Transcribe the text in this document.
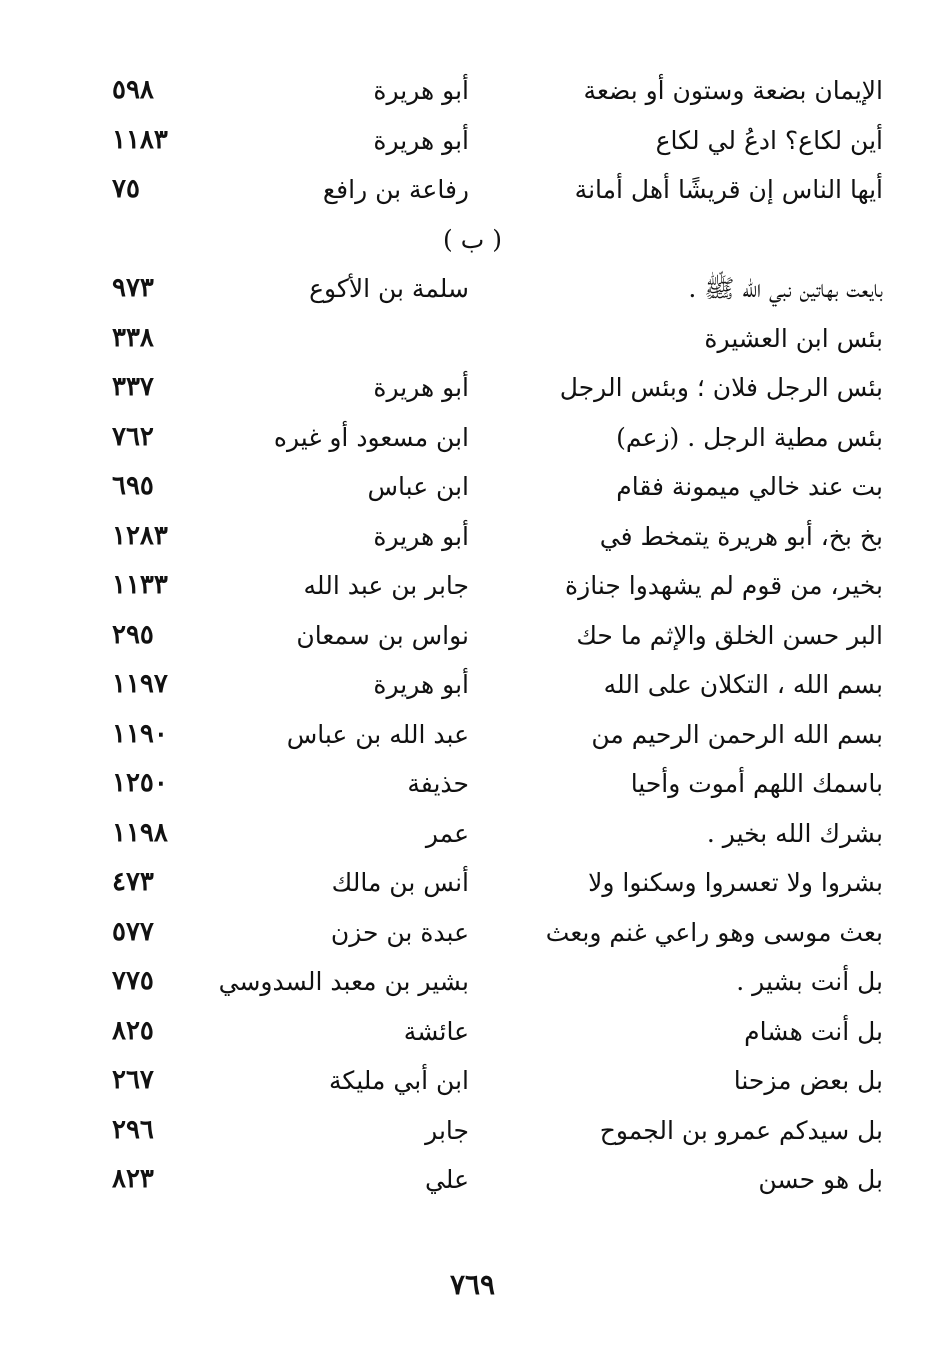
الإيمان بضعة وستون أو بضعة
أبو هريرة
٥٩٨
أين لكاع؟ ادعُ لي لكاع
أبو هريرة
١١٨٣
أيها الناس إن قريشًا أهل أمانة
رفاعة بن رافع
٧٥
( ب )
بايعت بهاتين نبي الله ﷺ .
سلمة بن الأكوع
٩٧٣
بئس ابن العشيرة
٣٣٨
بئس الرجل فلان ؛ وبئس الرجل
أبو هريرة
٣٣٧
بئس مطية الرجل . (زعم)
ابن مسعود أو غيره
٧٦٢
بت عند خالي ميمونة فقام
ابن عباس
٦٩٥
بخ بخ، أبو هريرة يتمخط في
أبو هريرة
١٢٨٣
بخير، من قوم لم يشهدوا جنازة
جابر بن عبد الله
١١٣٣
البر حسن الخلق والإثم ما حك
نواس بن سمعان
٢٩٥
بسم الله ، التكلان على الله
أبو هريرة
١١٩٧
بسم الله الرحمن الرحيم من
عبد الله بن عباس
١١٩٠
باسمك اللهم أموت وأحيا
حذيفة
١٢٥٠
بشرك الله بخير .
عمر
١١٩٨
بشروا ولا تعسروا وسكنوا ولا
أنس بن مالك
٤٧٣
بعث موسى وهو راعي غنم وبعث
عبدة بن حزن
٥٧٧
بل أنت بشير .
بشير بن معبد السدوسي
٧٧٥
بل أنت هشام
عائشة
٨٢٥
بل بعض مزحنا
ابن أبي مليكة
٢٦٧
بل سيدكم عمرو بن الجموح
جابر
٢٩٦
بل هو حسن
علي
٨٢٣
٧٦٩
